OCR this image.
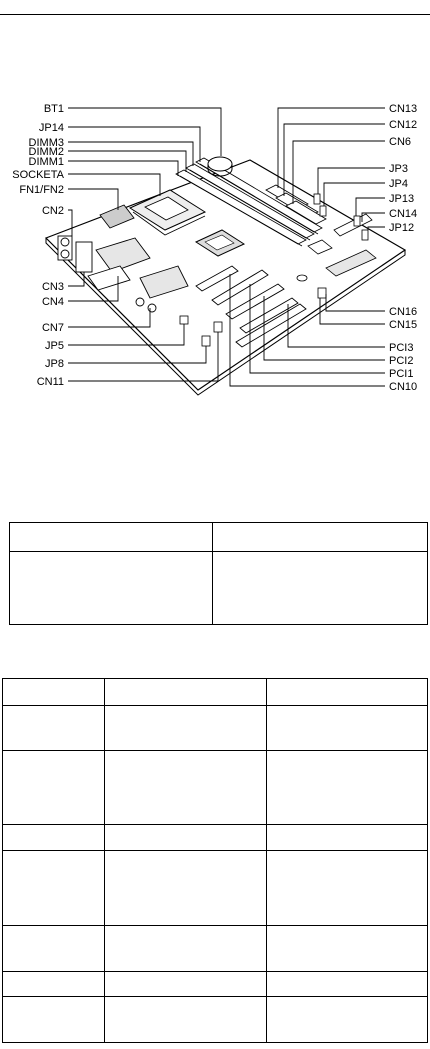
BT1
JP14
DIMM3
DIMM2
DIMM1
SOCKETA
FN1/FN2
CN2
CN3
CN4
CN7
JP5
JP8
CN11
CN13
CN12
CN6
JP3
JP4
JP13
CN14
JP12
CN16
CN15
PCI3
PCI2
PCI1
CN10
